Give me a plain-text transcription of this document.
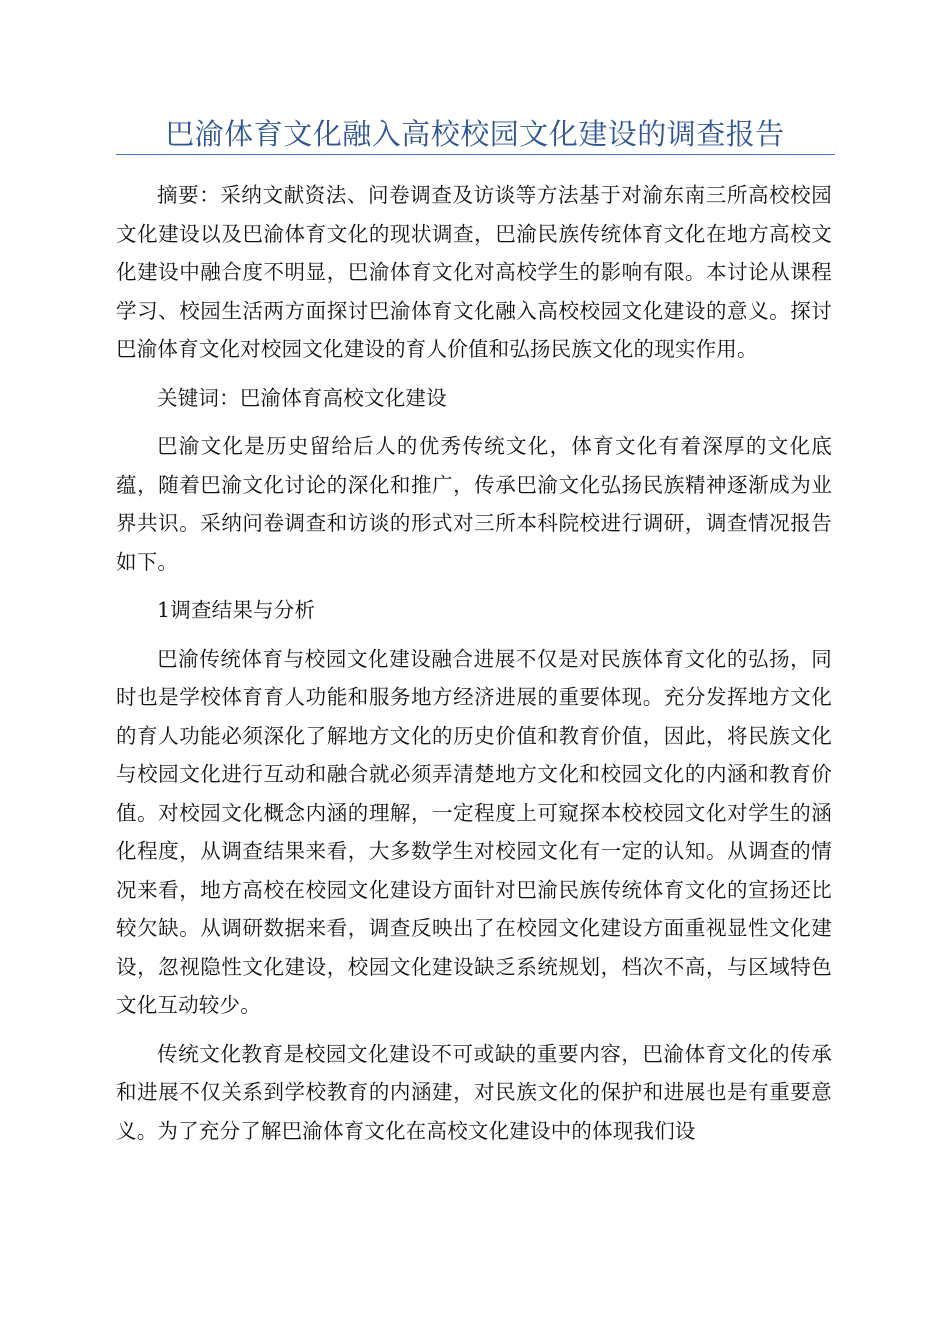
巴渝体育文化融入高校校园文化建设的调查报告

摘要：采纳文献资法、问卷调查及访谈等方法基于对渝东南三所高校校园文化建设以及巴渝体育文化的现状调查，巴渝民族传统体育文化在地方高校文化建设中融合度不明显，巴渝体育文化对高校学生的影响有限。本讨论从课程学习、校园生活两方面探讨巴渝体育文化融入高校校园文化建设的意义。探讨巴渝体育文化对校园文化建设的育人价值和弘扬民族文化的现实作用。

关键词：巴渝体育高校文化建设

巴渝文化是历史留给后人的优秀传统文化，体育文化有着深厚的文化底蕴，随着巴渝文化讨论的深化和推广，传承巴渝文化弘扬民族精神逐渐成为业界共识。采纳问卷调查和访谈的形式对三所本科院校进行调研，调查情况报告如下。

1调查结果与分析

巴渝传统体育与校园文化建设融合进展不仅是对民族体育文化的弘扬，同时也是学校体育育人功能和服务地方经济进展的重要体现。充分发挥地方文化的育人功能必须深化了解地方文化的历史价值和教育价值，因此，将民族文化与校园文化进行互动和融合就必须弄清楚地方文化和校园文化的内涵和教育价值。对校园文化概念内涵的理解，一定程度上可窥探本校校园文化对学生的涵化程度，从调查结果来看，大多数学生对校园文化有一定的认知。从调查的情况来看，地方高校在校园文化建设方面针对巴渝民族传统体育文化的宣扬还比较欠缺。从调研数据来看，调查反映出了在校园文化建设方面重视显性文化建设，忽视隐性文化建设，校园文化建设缺乏系统规划，档次不高，与区域特色文化互动较少。

传统文化教育是校园文化建设不可或缺的重要内容，巴渝体育文化的传承和进展不仅关系到学校教育的内涵建，对民族文化的保护和进展也是有重要意义。为了充分了解巴渝体育文化在高校文化建设中的体现我们设
